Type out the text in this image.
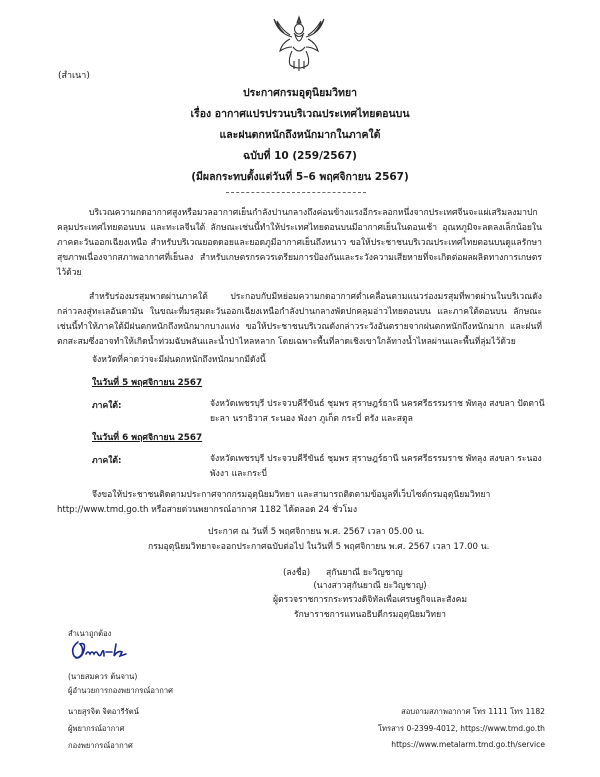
(สำเนา)
ประกาศกรมอุตุนิยมวิทยา
เรื่อง อากาศแปรปรวนบริเวณประเทศไทยตอนบน
และฝนตกหนักถึงหนักมากในภาคใต้
ฉบับที่ 10 (259/2567)
(มีผลกระทบตั้งแต่วันที่ 5–6 พฤศจิกายน 2567)
บริเวณความกดอากาศสูงหรือมวลอากาศเย็นกำลังปานกลางถึงค่อนข้างแรงอีกระลอกหนึ่งจากประเทศจีนจะแผ่เสริมลงมาปกคลุมประเทศไทยตอนบน และทะเลจีนใต้ ลักษณะเช่นนี้ทำให้ประเทศไทยตอนบนมีอากาศเย็นในตอนเช้า อุณหภูมิจะลดลงเล็กน้อยในภาคตะวันออกเฉียงเหนือ สำหรับบริเวณยอดดอยและยอดภูมีอากาศเย็นถึงหนาว ขอให้ประชาชนบริเวณประเทศไทยตอนบนดูแลรักษาสุขภาพเนื่องจากสภาพอากาศที่เย็นลง สำหรับเกษตรกรควรเตรียมการป้องกันและระวังความเสียหายที่จะเกิดต่อผลผลิตทางการเกษตรไว้ด้วย
สำหรับร่องมรสุมพาดผ่านภาคใต้ ประกอบกับมีหย่อมความกดอากาศต่ำเคลื่อนตามแนวร่องมรสุมที่พาดผ่านในบริเวณดังกล่าวลงสู่ทะเลอันดามัน ในขณะที่มรสุมตะวันออกเฉียงเหนือกำลังปานกลางพัดปกคลุมอ่าวไทยตอนบน และภาคใต้ตอนบน ลักษณะเช่นนี้ทำให้ภาคใต้มีฝนตกหนักถึงหนักมากบางแห่ง ขอให้ประชาชนบริเวณดังกล่าวระวังอันตรายจากฝนตกหนักถึงหนักมาก และฝนที่ตกสะสมซึ่งอาจทำให้เกิดน้ำท่วมฉับพลันและน้ำป่าไหลหลาก โดยเฉพาะพื้นที่ลาดเชิงเขาใกล้ทางน้ำไหลผ่านและพื้นที่ลุ่มไว้ด้วย
จังหวัดที่คาดว่าจะมีฝนตกหนักถึงหนักมากมีดังนี้
ในวันที่ 5 พฤศจิกายน 2567
ภาคใต้:	จังหวัดเพชรบุรี ประจวบคีรีขันธ์ ชุมพร สุราษฎร์ธานี นครศรีธรรมราช พัทลุง สงขลา ปัตตานี
ยะลา นราธิวาส ระนอง พังงา ภูเก็ต กระบี่ ตรัง และสตูล
ในวันที่ 6 พฤศจิกายน 2567
ภาคใต้:	จังหวัดเพชรบุรี ประจวบคีรีขันธ์ ชุมพร สุราษฎร์ธานี นครศรีธรรมราช พัทลุง สงขลา ระนอง
พังงา และกระบี่
จึงขอให้ประชาชนติดตามประกาศจากกรมอุตุนิยมวิทยา และสามารถติดตามข้อมูลที่เว็บไซต์กรมอุตุนิยมวิทยา
http://www.tmd.go.th หรือสายด่วนพยากรณ์อากาศ 1182 ได้ตลอด 24 ชั่วโมง
ประกาศ ณ วันที่ 5 พฤศจิกายน พ.ศ. 2567 เวลา 05.00 น.
กรมอุตุนิยมวิทยาจะออกประกาศฉบับต่อไป ในวันที่ 5 พฤศจิกายน พ.ศ. 2567 เวลา 17.00 น.
(ลงชื่อ) สุกันยาณี ยะวิญชาญ
(นางสาวสุกันยาณี ยะวิญชาญ)
ผู้ตรวจราชการกระทรวงดิจิทัลเพื่อเศรษฐกิจและสังคม
รักษาราชการแทนอธิบดีกรมอุตุนิยมวิทยา
สำเนาถูกต้อง
(นายสมควร ต้นจาน)
ผู้อำนวยการกองพยากรณ์อากาศ
นายสุรจิต จิตอารีรัตน์
ผู้พยากรณ์อากาศ
กองพยากรณ์อากาศ
สอบถามสภาพอากาศ โทร 1111 โทร 1182
โทรสาร 0-2399-4012, https://www.tmd.go.th
https://www.metalarm.tmd.go.th/service
